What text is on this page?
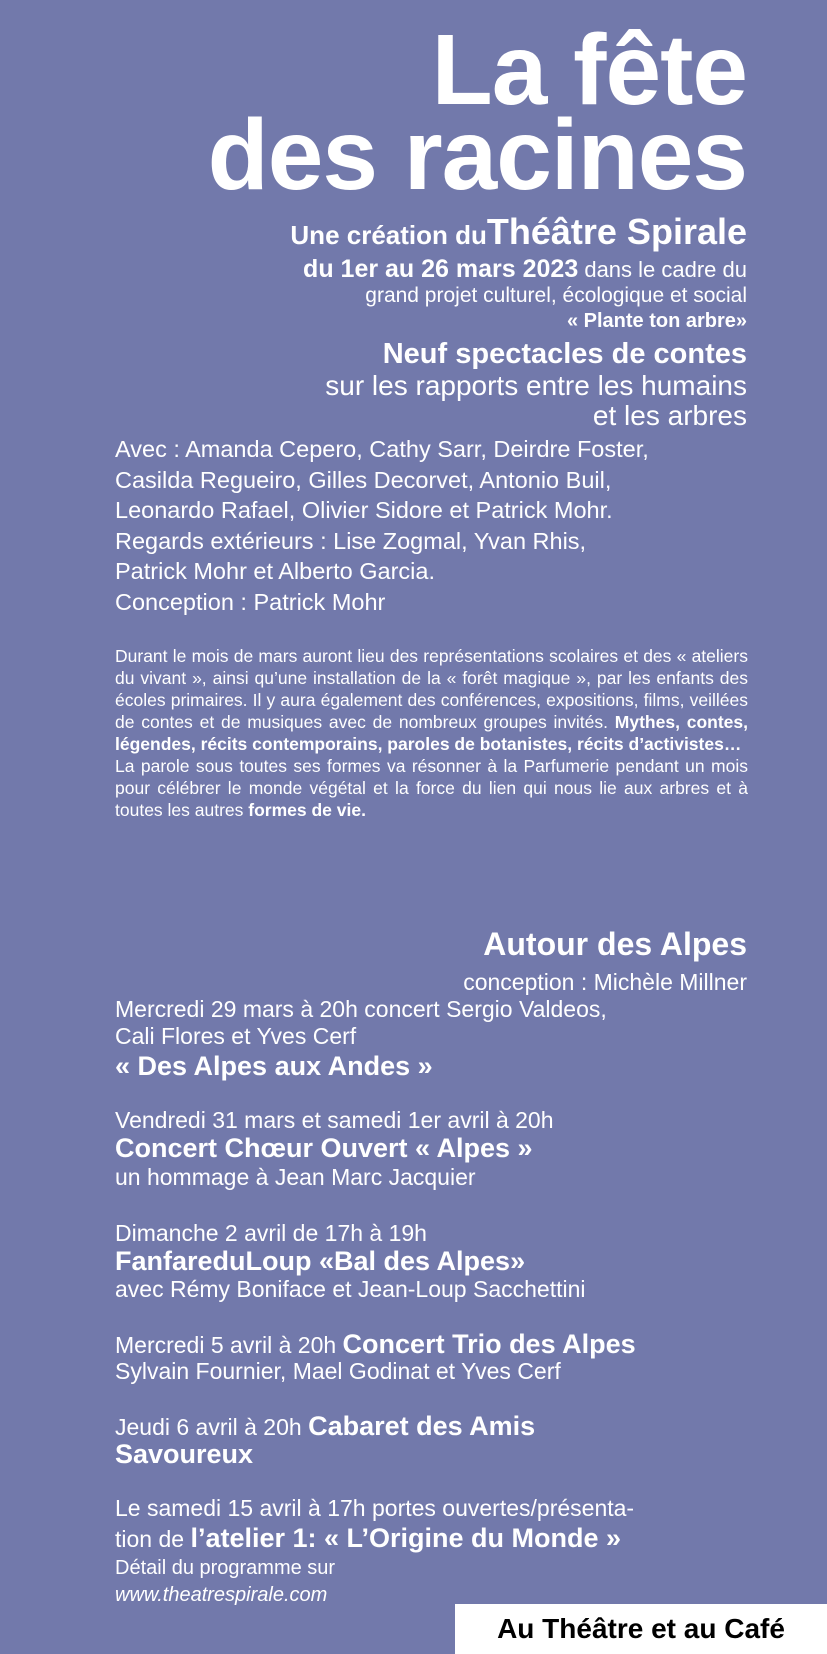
La fête
des racines
Une création duThéâtre Spirale
du 1er au 26 mars 2023 dans le cadre du
grand projet culturel, écologique et social
« Plante ton arbre»
Neuf spectacles de contes
sur les rapports entre les humains
et les arbres
Avec : Amanda Cepero, Cathy Sarr, Deirdre Foster,
Casilda Regueiro, Gilles Decorvet, Antonio Buil,
Leonardo Rafael, Olivier Sidore et Patrick Mohr.
Regards extérieurs : Lise Zogmal, Yvan Rhis,
Patrick Mohr et Alberto Garcia.
Conception : Patrick Mohr

Durant le mois de mars auront lieu des représentations scolaires et des « ateliers du vivant », ainsi qu’une installation de la « forêt magique », par les enfants des écoles primaires. Il y aura également des conférences, expositions, films, veillées de contes et de musiques avec de nombreux groupes invités. Mythes, contes, légendes, récits contemporains, paroles de botanistes, récits d’activistes…

La parole sous toutes ses formes va résonner à la Parfumerie pendant un mois pour célébrer le monde végétal et la force du lien qui nous lie aux arbres et à toutes les autres formes de vie.

Autour des Alpes
conception : Michèle Millner
Mercredi 29 mars à 20h concert Sergio Valdeos,
Cali Flores et Yves Cerf
« Des Alpes aux Andes »
Vendredi 31 mars et samedi 1er avril à 20h
Concert Chœur Ouvert « Alpes »
un hommage à Jean Marc Jacquier
Dimanche 2 avril de 17h à 19h
FanfareduLoup «Bal des Alpes»
avec Rémy Boniface et Jean-Loup Sacchettini
Mercredi 5 avril à 20h Concert Trio des Alpes
Sylvain Fournier, Mael Godinat et Yves Cerf
Jeudi 6 avril à 20h Cabaret des Amis
Savoureux
Le samedi 15 avril à 17h portes ouvertes/présenta-
tion de l’atelier 1: « L’Origine du Monde »
Détail du programme sur
www.theatrespirale.com
Au Théâtre et au Café
